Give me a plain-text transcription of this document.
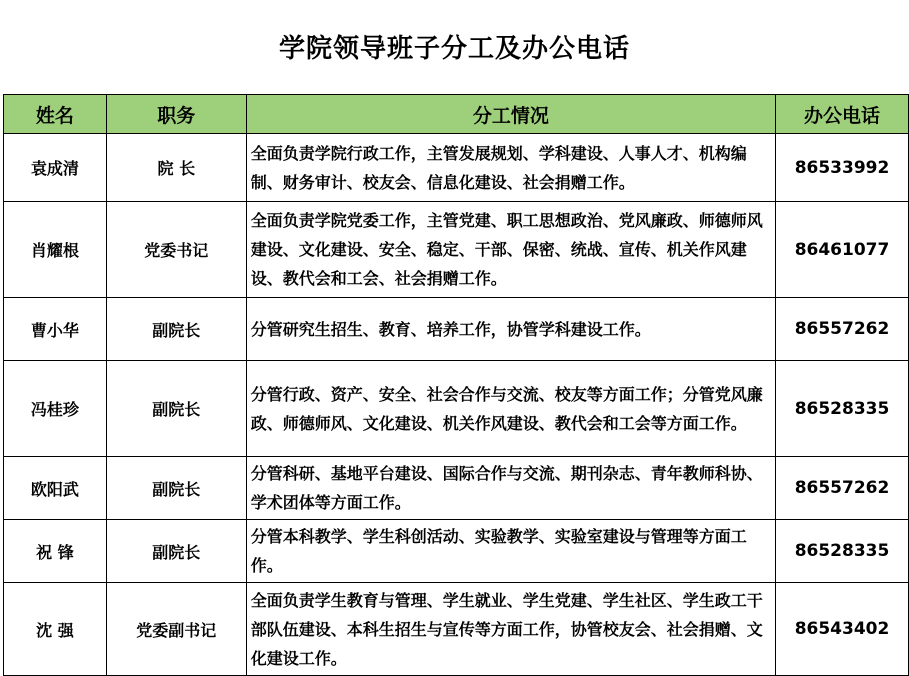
学院领导班子分工及办公电话
姓名	职务	分工情况	办公电话
袁成清	院 长	全面负责学院行政工作，主管发展规划、学科建设、人事人才、机构编制、财务审计、校友会、信息化建设、社会捐赠工作。	86533992
肖耀根	党委书记	全面负责学院党委工作，主管党建、职工思想政治、党风廉政、师德师风建设、文化建设、安全、稳定、干部、保密、统战、宣传、机关作风建设、教代会和工会、社会捐赠工作。	86461077
曹小华	副院长	分管研究生招生、教育、培养工作，协管学科建设工作。	86557262
冯桂珍	副院长	分管行政、资产、安全、社会合作与交流、校友等方面工作；分管党风廉政、师德师风、文化建设、机关作风建设、教代会和工会等方面工作。	86528335
欧阳武	副院长	分管科研、基地平台建设、国际合作与交流、期刊杂志、青年教师科协、学术团体等方面工作。	86557262
祝 锋	副院长	分管本科教学、学生科创活动、实验教学、实验室建设与管理等方面工作。	86528335
沈 强	党委副书记	全面负责学生教育与管理、学生就业、学生党建、学生社区、学生政工干部队伍建设、本科生招生与宣传等方面工作，协管校友会、社会捐赠、文化建设工作。	86543402
